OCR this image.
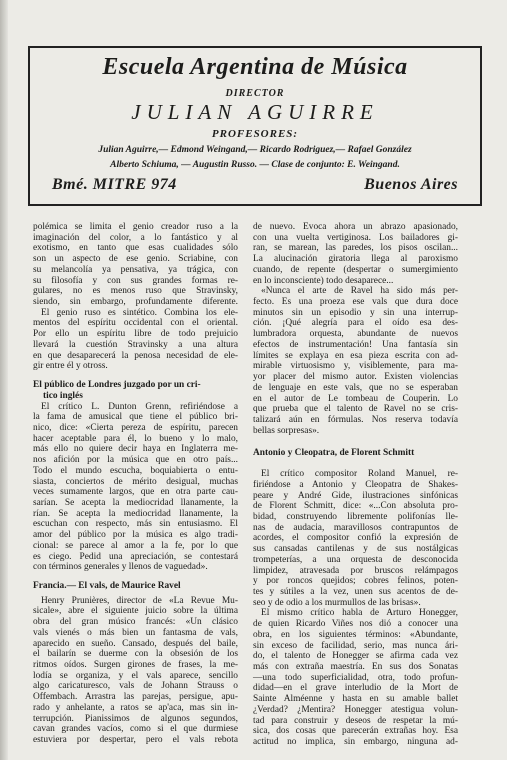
Escuela Argentina de Música
DIRECTOR
JULIAN AGUIRRE
PROFESORES:
Julian Aguirre,— Edmond Weingand,— Ricardo Rodriguez,— Rafael González
Alberto Schiuma, — Augustin Russo. — Clase de conjunto: E. Weingand.
Bmé. MITRE 974	Buenos Aires
polémica se limita el genio creador ruso a la
imaginación del color, a lo fantástico y al
exotismo, en tanto que esas cualidades sólo
son un aspecto de ese genio. Scriabine, con
su melancolía ya pensativa, ya trágica, con
su filosofía y con sus grandes formas re-
gulares, no es menos ruso que Stravinsky,
siendo, sin embargo, profundamente diferente.
El genio ruso es sintético. Combina los ele-
mentos del espíritu occidental con el oriental.
Por ello un espíritu libre de todo prejuicio
llevará la cuestión Stravinsky a una altura
en que desaparecerá la penosa necesidad de ele-
gir entre él y otross.
El público de Londres juzgado por un cri-
tico inglés
El crítico L. Dunton Grenn, refiriéndose a
la fama de amusical que tiene el público bri-
nico, dice: «Cierta pereza de espíritu, parecen
hacer aceptable para él, lo bueno y lo malo,
más ello no quiere decir haya en Inglaterra me-
nos afición por la música que en otro país...
Todo el mundo escucha, boquiabierta o entu-
siasta, conciertos de mérito desigual, muchas
veces sumamente largos, que en otra parte cau-
sarían. Se acepta la mediocridad llanamente, la
rían. Se acepta la mediocridad llanamente, la
escuchan con respecto, más sin entusiasmo. El
amor del público por la música es algo tradi-
cional: se parece al amor a la fe, por lo que
es ciego. Pedid una apreciación, se contestará
con términos generales y llenos de vaguedad».
Francia.— El vals, de Maurice Ravel
Henry Prunières, director de «La Revue Mu-
sicale», abre el siguiente juicio sobre la última
obra del gran músico francés: «Un clásico
vals vienés o más bien un fantasma de vals,
aparecido en sueño. Cansado, después del baile,
el bailarín se duerme con la obsesión de los
ritmos oídos. Surgen girones de frases, la me-
lodía se organiza, y el vals aparece, sencillo
algo caricaturesco, vals de Johann Strauss o
Offembach. Arrastra las parejas, persigue, apu-
rado y anhelante, a ratos se ap'aca, mas sin in-
terrupción. Pianissimos de algunos segundos,
cavan grandes vacíos, como si el que durmiese
estuviera por despertar, pero el vals rebota
de nuevo. Evoca ahora un abrazo apasionado,
con una vuelta vertiginosa. Los bailadores gi-
ran, se marean, las paredes, los pisos oscilan...
La alucinación giratoria llega al paroxismo
cuando, de repente (despertar o sumergimiento
en lo inconsciente) todo desaparece...
«Nunca el arte de Ravel ha sido más per-
fecto. Es una proeza ese vals que dura doce
minutos sin un episodio y sin una interrup-
ción. ¡Qué alegría para el oído esa des-
lumbradora orquesta, abundante de nuevos
efectos de instrumentación! Una fantasía sin
límites se explaya en esa pieza escrita con ad-
mirable virtuosismo y, visiblemente, para ma-
yor placer del mismo autor. Existen violencias
de lenguaje en este vals, que no se esperaban
en el autor de Le tombeau de Couperin. Lo
que prueba que el talento de Ravel no se cris-
talizará aún en fórmulas. Nos reserva todavía
bellas sorpresas».
Antonio y Cleopatra, de Florent Schmitt
El crítico compositor Roland Manuel, re-
firiéndose a Antonio y Cleopatra de Shakes-
peare y André Gide, ilustraciones sinfónicas
de Florent Schmitt, dice: «...Con absoluta pro-
bidad, construyendo libremente polifonías lle-
nas de audacia, maravillosos contrapuntos de
acordes, el compositor confió la expresión de
sus cansadas cantilenas y de sus nostálgicas
trompeterías, a una orquesta de desconocida
limpidez, atravesada por bruscos relámpagos
y por roncos quejidos; cobres felinos, poten-
tes y sútiles a la vez, unen sus acentos de de-
seo y de odio a los murmullos de las brisas».
El mismo crítico habla de Arturo Honegger,
de quien Ricardo Viñes nos dió a conocer una
obra, en los siguientes términos: «Abundante,
sin exceso de facilidad, serio, mas nunca ári-
do, el talento de Honegger se afirma cada vez
más con extraña maestría. En sus dos Sonatas
—una todo superficialidad, otra, todo profun-
didad—en el grave interludio de la Mort de
Sainte Alméenne y hasta en su amable ballet
¿Verdad? ¿Mentira? Honegger atestigua volun-
tad para construir y deseos de respetar la mú-
sica, dos cosas que parecerán extrañas hoy. Esa
actitud no implica, sin embargo, ninguna ad-
